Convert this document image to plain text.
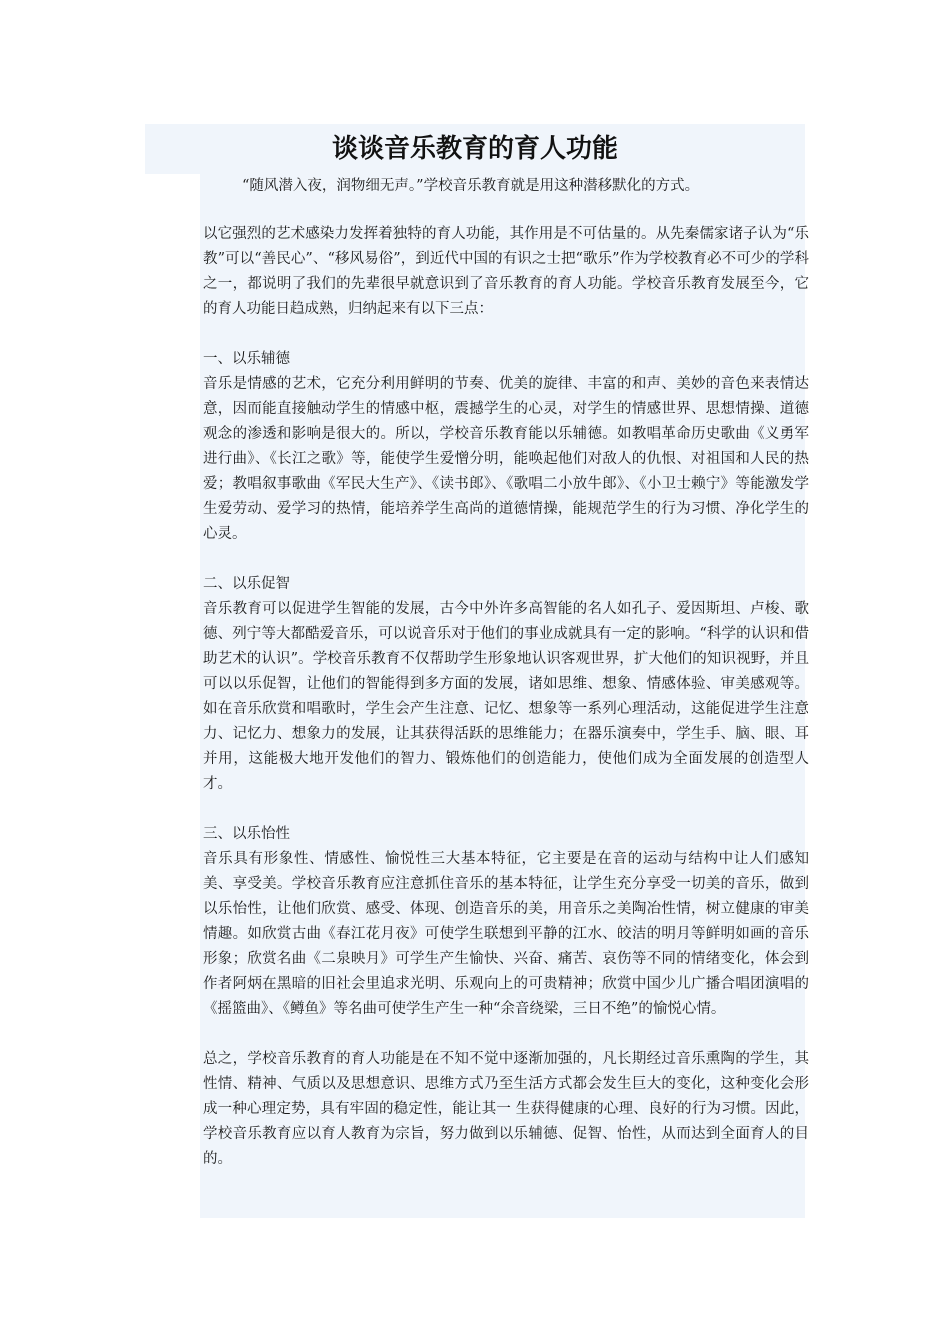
谈谈音乐教育的育人功能
“随风潜入夜，润物细无声。”学校音乐教育就是用这种潜移默化的方式。

以它强烈的艺术感染力发挥着独特的育人功能，其作用是不可估量的。从先秦儒家诸子认为“乐教”可以“善民心”、“移风易俗”，到近代中国的有识之士把“歌乐”作为学校教育必不可少的学科之一，都说明了我们的先辈很早就意识到了音乐教育的育人功能。学校音乐教育发展至今，它的育人功能日趋成熟，归纳起来有以下三点：

一、以乐辅德

音乐是情感的艺术，它充分利用鲜明的节奏、优美的旋律、丰富的和声、美妙的音色来表情达意，因而能直接触动学生的情感中枢，震撼学生的心灵，对学生的情感世界、思想情操、道德观念的渗透和影响是很大的。所以，学校音乐教育能以乐辅德。如教唱革命历史歌曲《义勇军进行曲》、《长江之歌》等，能使学生爱憎分明，能唤起他们对敌人的仇恨、对祖国和人民的热爱；教唱叙事歌曲《军民大生产》、《读书郎》、《歌唱二小放牛郎》、《小卫士赖宁》等能激发学生爱劳动、爱学习的热情，能培养学生高尚的道德情操，能规范学生的行为习惯、净化学生的心灵。

二、以乐促智

音乐教育可以促进学生智能的发展，古今中外许多高智能的名人如孔子、爱因斯坦、卢梭、歌德、列宁等大都酷爱音乐，可以说音乐对于他们的事业成就具有一定的影响。“科学的认识和借助艺术的认识”。学校音乐教育不仅帮助学生形象地认识客观世界，扩大他们的知识视野，并且可以以乐促智，让他们的智能得到多方面的发展，诸如思维、想象、情感体验、审美感观等。如在音乐欣赏和唱歌时，学生会产生注意、记忆、想象等一系列心理活动，这能促进学生注意力、记忆力、想象力的发展，让其获得活跃的思维能力；在器乐演奏中，学生手、脑、眼、耳并用，这能极大地开发他们的智力、锻炼他们的创造能力，使他们成为全面发展的创造型人才。

三、以乐怡性

音乐具有形象性、情感性、愉悦性三大基本特征，它主要是在音的运动与结构中让人们感知美、享受美。学校音乐教育应注意抓住音乐的基本特征，让学生充分享受一切美的音乐，做到以乐怡性，让他们欣赏、感受、体现、创造音乐的美，用音乐之美陶冶性情，树立健康的审美情趣。如欣赏古曲《春江花月夜》可使学生联想到平静的江水、皎洁的明月等鲜明如画的音乐形象；欣赏名曲《二泉映月》可学生产生愉快、兴奋、痛苦、哀伤等不同的情绪变化，体会到作者阿炳在黑暗的旧社会里追求光明、乐观向上的可贵精神；欣赏中国少儿广播合唱团演唱的《摇篮曲》、《鳟鱼》等名曲可使学生产生一种“余音绕梁，三日不绝”的愉悦心情。

总之，学校音乐教育的育人功能是在不知不觉中逐渐加强的，凡长期经过音乐熏陶的学生，其性情、精神、气质以及思想意识、思维方式乃至生活方式都会发生巨大的变化，这种变化会形成一种心理定势，具有牢固的稳定性，能让其一 生获得健康的心理、良好的行为习惯。因此，学校音乐教育应以育人教育为宗旨，努力做到以乐辅德、促智、怡性，从而达到全面育人的目的。
